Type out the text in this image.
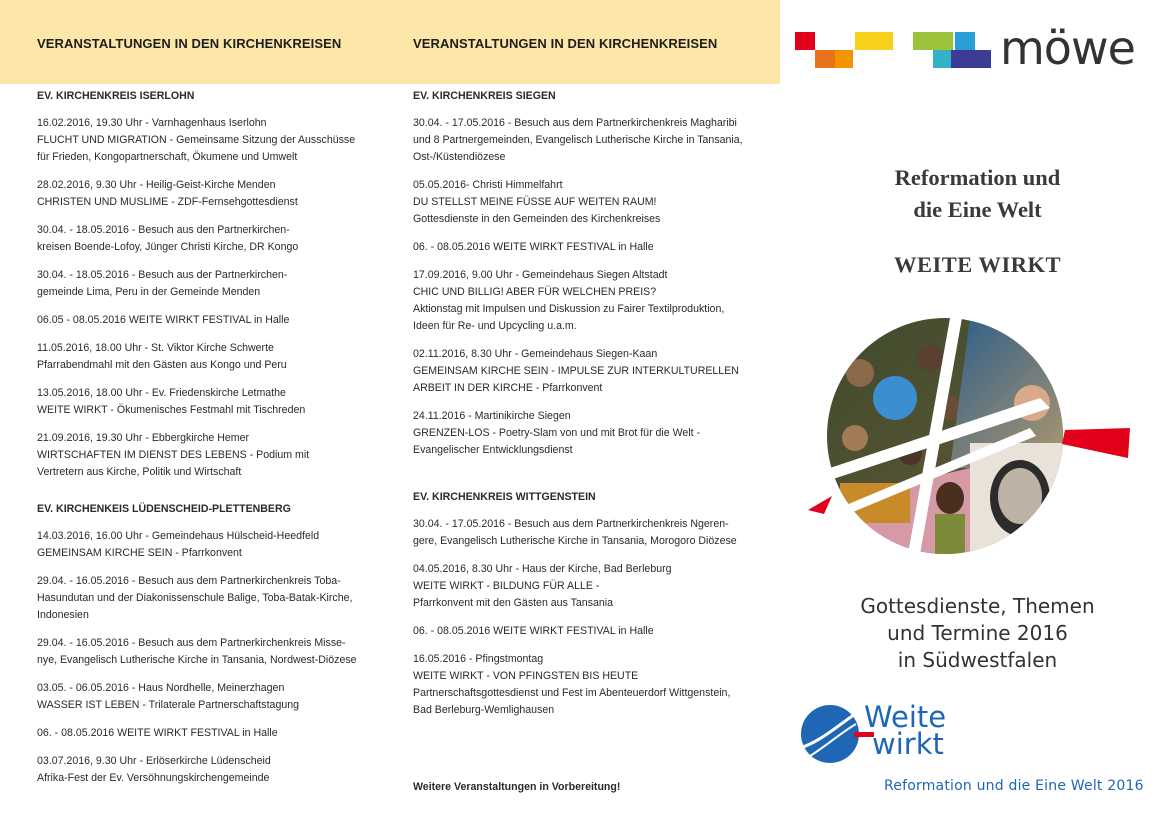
VERANSTALTUNGEN IN DEN KIRCHENKREISEN	VERANSTALTUNGEN IN DEN KIRCHENKREISEN
EV. KIRCHENKREIS ISERLOHN
16.02.2016, 19.30 Uhr - Varnhagenhaus Iserlohn
FLUCHT UND MIGRATION - Gemeinsame Sitzung der Ausschüsse
für Frieden, Kongopartnerschaft, Ökumene und Umwelt
28.02.2016, 9.30 Uhr - Heilig-Geist-Kirche Menden
CHRISTEN UND MUSLIME - ZDF-Fernsehgottesdienst
30.04. - 18.05.2016 - Besuch aus den Partnerkirchen-
kreisen Boende-Lofoy, Jünger Christi Kirche, DR Kongo
30.04. - 18.05.2016 - Besuch aus der Partnerkirchen-
gemeinde Lima, Peru in der Gemeinde Menden
06.05 - 08.05.2016 WEITE WIRKT FESTIVAL in Halle
11.05.2016, 18.00 Uhr - St. Viktor Kirche Schwerte
Pfarrabendmahl mit den Gästen aus Kongo und Peru
13.05.2016, 18.00 Uhr - Ev. Friedenskirche Letmathe
WEITE WIRKT - Ökumenisches Festmahl mit Tischreden
21.09.2016, 19.30 Uhr - Ebbergkirche Hemer
WIRTSCHAFTEN IM DIENST DES LEBENS - Podium mit
Vertretern aus Kirche, Politik und Wirtschaft
EV. KIRCHENKEIS LÜDENSCHEID-PLETTENBERG
14.03.2016, 16.00 Uhr - Gemeindehaus Hülscheid-Heedfeld
GEMEINSAM KIRCHE SEIN - Pfarrkonvent
29.04. - 16.05.2016 - Besuch aus dem Partnerkirchenkreis Toba-
Hasundutan und der Diakonissenschule Balige, Toba-Batak-Kirche,
Indonesien
29.04. - 16.05.2016 - Besuch aus dem Partnerkirchenkreis Misse-
nye, Evangelisch Lutherische Kirche in Tansania, Nordwest-Diözese
03.05. - 06.05.2016 - Haus Nordhelle, Meinerzhagen
WASSER IST LEBEN - Trilaterale Partnerschaftstagung
06. - 08.05.2016 WEITE WIRKT FESTIVAL in Halle
03.07.2016, 9.30 Uhr - Erlöserkirche Lüdenscheid
Afrika-Fest der Ev. Versöhnungskirchengemeinde
EV. KIRCHENKREIS SIEGEN
30.04. - 17.05.2016 - Besuch aus dem Partnerkirchenkreis Magharibi
und 8 Partnergemeinden, Evangelisch Lutherische Kirche in Tansania,
Ost-/Küstendiözese
05.05.2016- Christi Himmelfahrt
DU STELLST MEINE FÜSSE AUF WEITEN RAUM!
Gottesdienste in den Gemeinden des Kirchenkreises
06. - 08.05.2016 WEITE WIRKT FESTIVAL in Halle
17.09.2016, 9.00 Uhr - Gemeindehaus Siegen Altstadt
CHIC UND BILLIG! ABER FÜR WELCHEN PREIS?
Aktionstag mit Impulsen und Diskussion zu Fairer Textilproduktion,
Ideen für Re- und Upcycling u.a.m.
02.11.2016, 8.30 Uhr - Gemeindehaus Siegen-Kaan
GEMEINSAM KIRCHE SEIN - IMPULSE ZUR INTERKULTURELLEN
ARBEIT IN DER KIRCHE - Pfarrkonvent
24.11.2016 - Martinikirche Siegen
GRENZEN-LOS - Poetry-Slam von und mit Brot für die Welt -
Evangelischer Entwicklungsdienst
EV. KIRCHENKREIS WITTGENSTEIN
30.04. - 17.05.2016 - Besuch aus dem Partnerkirchenkreis Ngeren-
gere, Evangelisch Lutherische Kirche in Tansania, Morogoro Diözese
04.05.2016, 8.30 Uhr - Haus der Kirche, Bad Berleburg
WEITE WIRKT - BILDUNG FÜR ALLE -
Pfarrkonvent mit den Gästen aus Tansania
06. - 08.05.2016 WEITE WIRKT FESTIVAL in Halle
16.05.2016 - Pfingstmontag
WEITE WIRKT - VON PFINGSTEN BIS HEUTE
Partnerschaftsgottesdienst und Fest im Abenteuerdorf Wittgenstein,
Bad Berleburg-Wemlighausen
Weitere Veranstaltungen in Vorbereitung!
möwe
Reformation und
die Eine Welt
WEITE WIRKT
Gottesdienste, Themen
und Termine 2016
in Südwestfalen
Weite
wirkt
Reformation und die Eine Welt 2016
